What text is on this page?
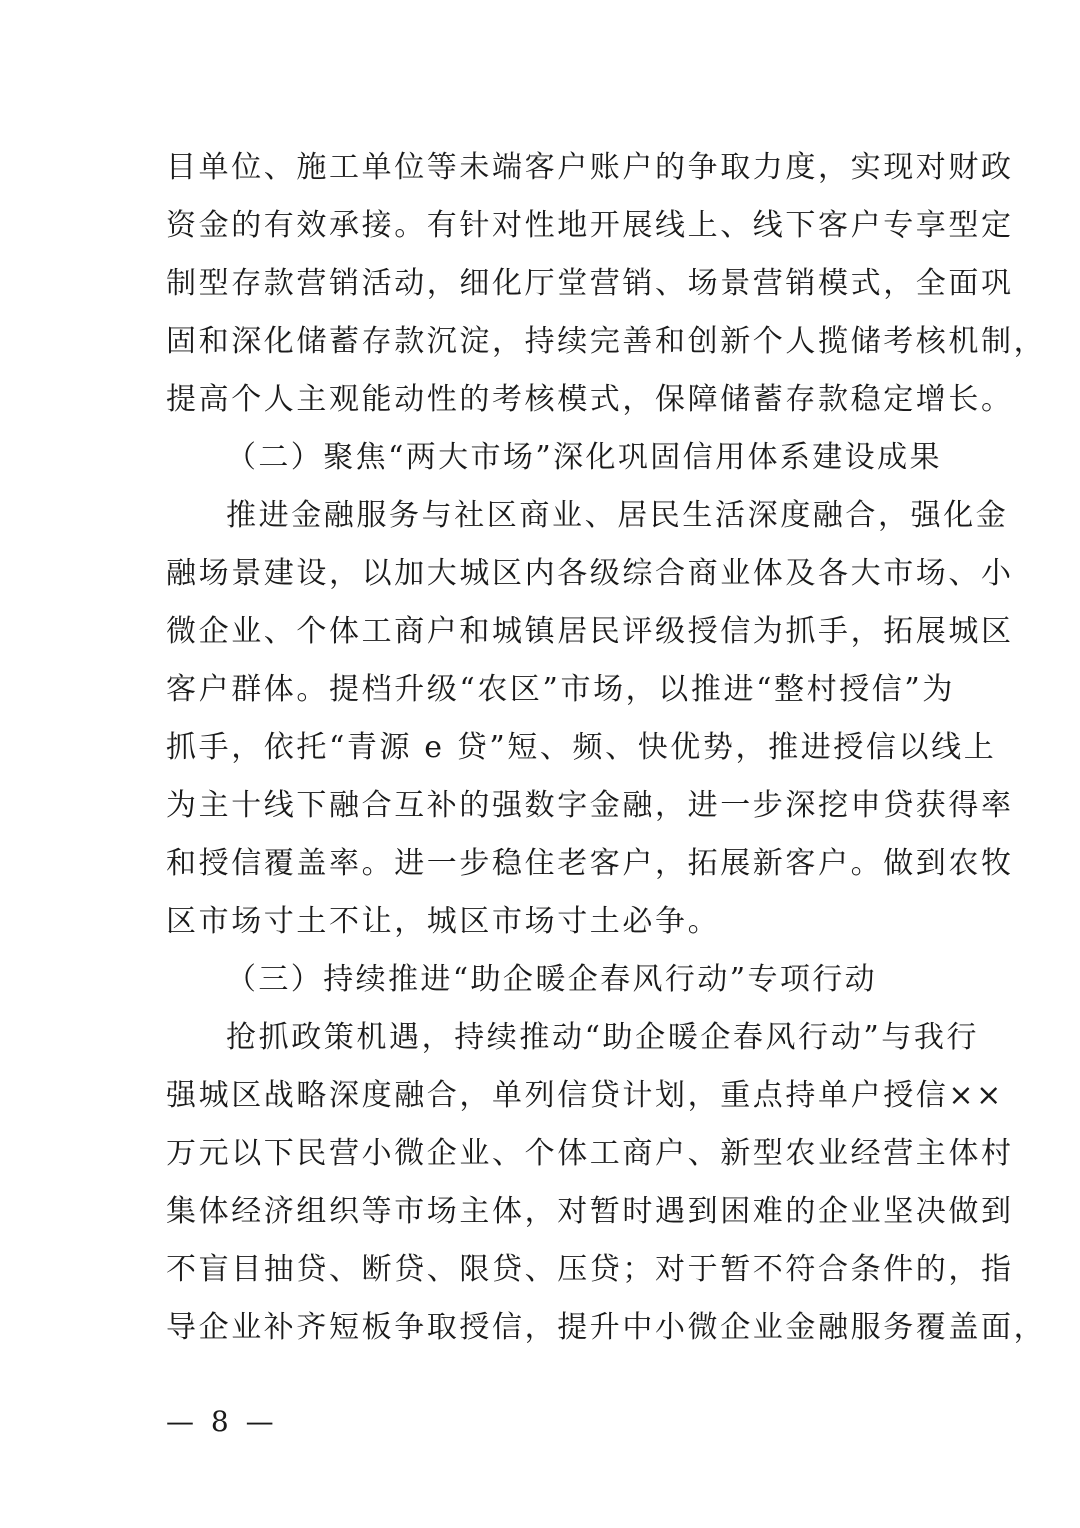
目单位、施工单位等未端客户账户的争取力度，实现对财政
资金的有效承接。有针对性地开展线上、线下客户专享型定
制型存款营销活动，细化厅堂营销、场景营销模式，全面巩
固和深化储蓄存款沉淀，持续完善和创新个人揽储考核机制，
提高个人主观能动性的考核模式，保障储蓄存款稳定增长。
（二）聚焦“两大市场”深化巩固信用体系建设成果
推进金融服务与社区商业、居民生活深度融合，强化金
融场景建设，以加大城区内各级综合商业体及各大市场、小
微企业、个体工商户和城镇居民评级授信为抓手，拓展城区
客户群体。提档升级“农区”市场，以推进“整村授信”为
抓手，依托“青源 e 贷”短、频、快优势，推进授信以线上
为主十线下融合互补的强数字金融，进一步深挖申贷获得率
和授信覆盖率。进一步稳住老客户，拓展新客户。做到农牧
区市场寸土不让，城区市场寸土必争。
（三）持续推进“助企暖企春风行动”专项行动
抢抓政策机遇，持续推动“助企暖企春风行动”与我行
强城区战略深度融合，单列信贷计划，重点持单户授信××
万元以下民营小微企业、个体工商户、新型农业经营主体村
集体经济组织等市场主体，对暂时遇到困难的企业坚决做到
不盲目抽贷、断贷、限贷、压贷；对于暂不符合条件的，指
导企业补齐短板争取授信，提升中小微企业金融服务覆盖面，
— 8 —
